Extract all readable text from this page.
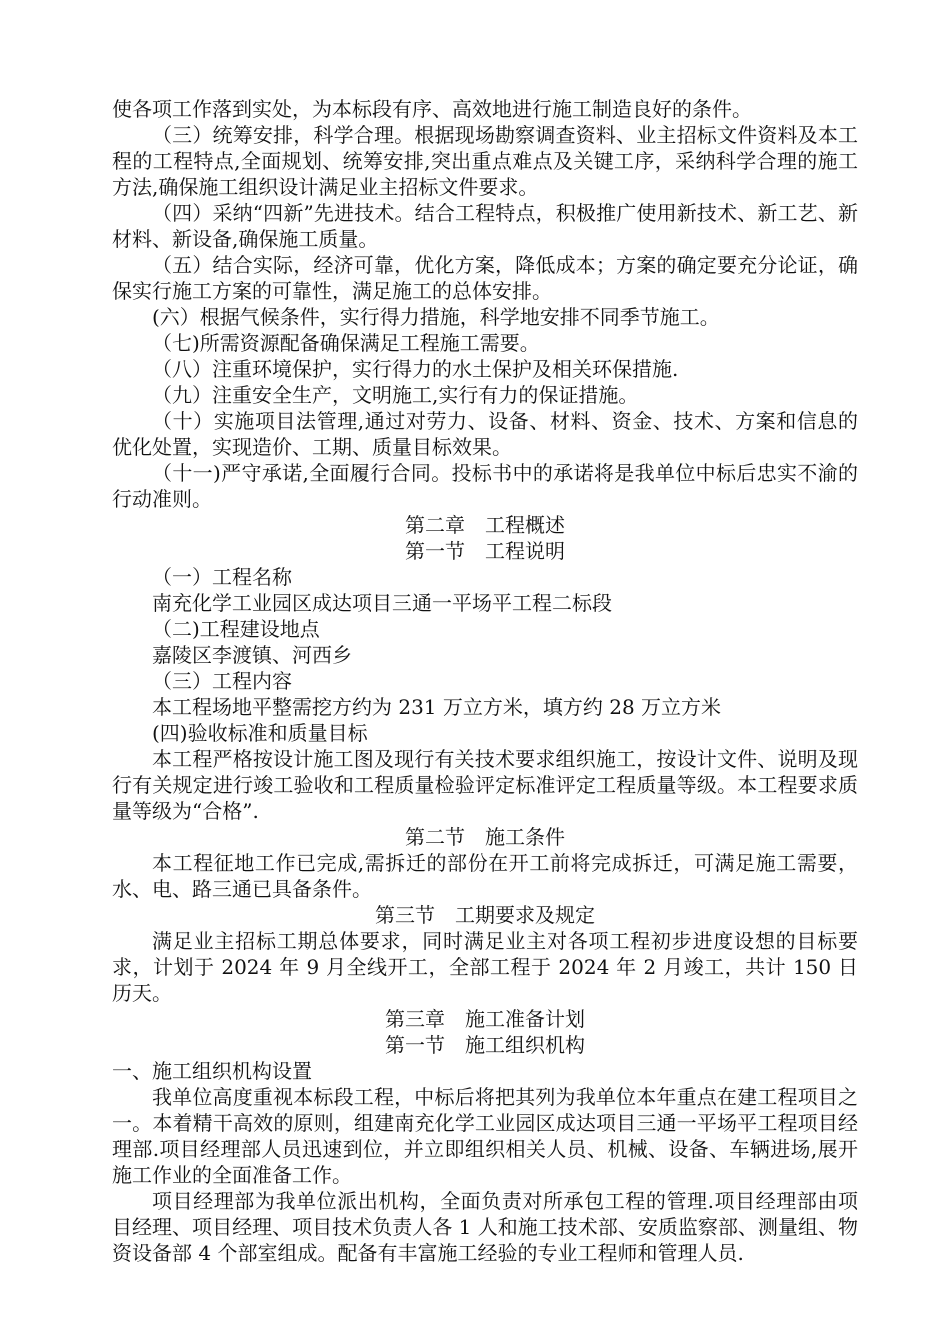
使各项工作落到实处，为本标段有序、高效地进行施工制造良好的条件。

（三）统筹安排，科学合理。根据现场勘察调查资料、业主招标文件资料及本工程的工程特点,全面规划、统筹安排,突出重点难点及关键工序，采纳科学合理的施工方法,确保施工组织设计满足业主招标文件要求。

（四）采纳“四新”先进技术。结合工程特点，积极推广使用新技术、新工艺、新材料、新设备,确保施工质量。

（五）结合实际，经济可靠，优化方案，降低成本；方案的确定要充分论证，确保实行施工方案的可靠性，满足施工的总体安排。

(六）根据气候条件，实行得力措施，科学地安排不同季节施工。

（七)所需资源配备确保满足工程施工需要。

（八）注重环境保护，实行得力的水土保护及相关环保措施.

（九）注重安全生产，文明施工,实行有力的保证措施。

（十）实施项目法管理,通过对劳力、设备、材料、资金、技术、方案和信息的优化处置，实现造价、工期、质量目标效果。

（十一)严守承诺,全面履行合同。投标书中的承诺将是我单位中标后忠实不渝的行动准则。

第二章　工程概述
第一节　工程说明

（一）工程名称

南充化学工业园区成达项目三通一平场平工程二标段

（二)工程建设地点

嘉陵区李渡镇、河西乡

（三）工程内容

本工程场地平整需挖方约为 231 万立方米，填方约 28 万立方米

(四)验收标准和质量目标

本工程严格按设计施工图及现行有关技术要求组织施工，按设计文件、说明及现行有关规定进行竣工验收和工程质量检验评定标准评定工程质量等级。本工程要求质量等级为“合格”.

第二节　施工条件

本工程征地工作已完成,需拆迁的部份在开工前将完成拆迁，可满足施工需要，水、电、路三通已具备条件。

第三节　工期要求及规定

满足业主招标工期总体要求，同时满足业主对各项工程初步进度设想的目标要求，计划于 2024 年 9 月全线开工，全部工程于 2024 年 2 月竣工，共计 150 日历天。

第三章　施工准备计划
第一节　施工组织机构

一、施工组织机构设置

我单位高度重视本标段工程，中标后将把其列为我单位本年重点在建工程项目之一。本着精干高效的原则，组建南充化学工业园区成达项目三通一平场平工程项目经理部.项目经理部人员迅速到位，并立即组织相关人员、机械、设备、车辆进场,展开施工作业的全面准备工作。

项目经理部为我单位派出机构，全面负责对所承包工程的管理.项目经理部由项目经理、项目经理、项目技术负责人各 1 人和施工技术部、安质监察部、测量组、物资设备部 4 个部室组成。配备有丰富施工经验的专业工程师和管理人员.
